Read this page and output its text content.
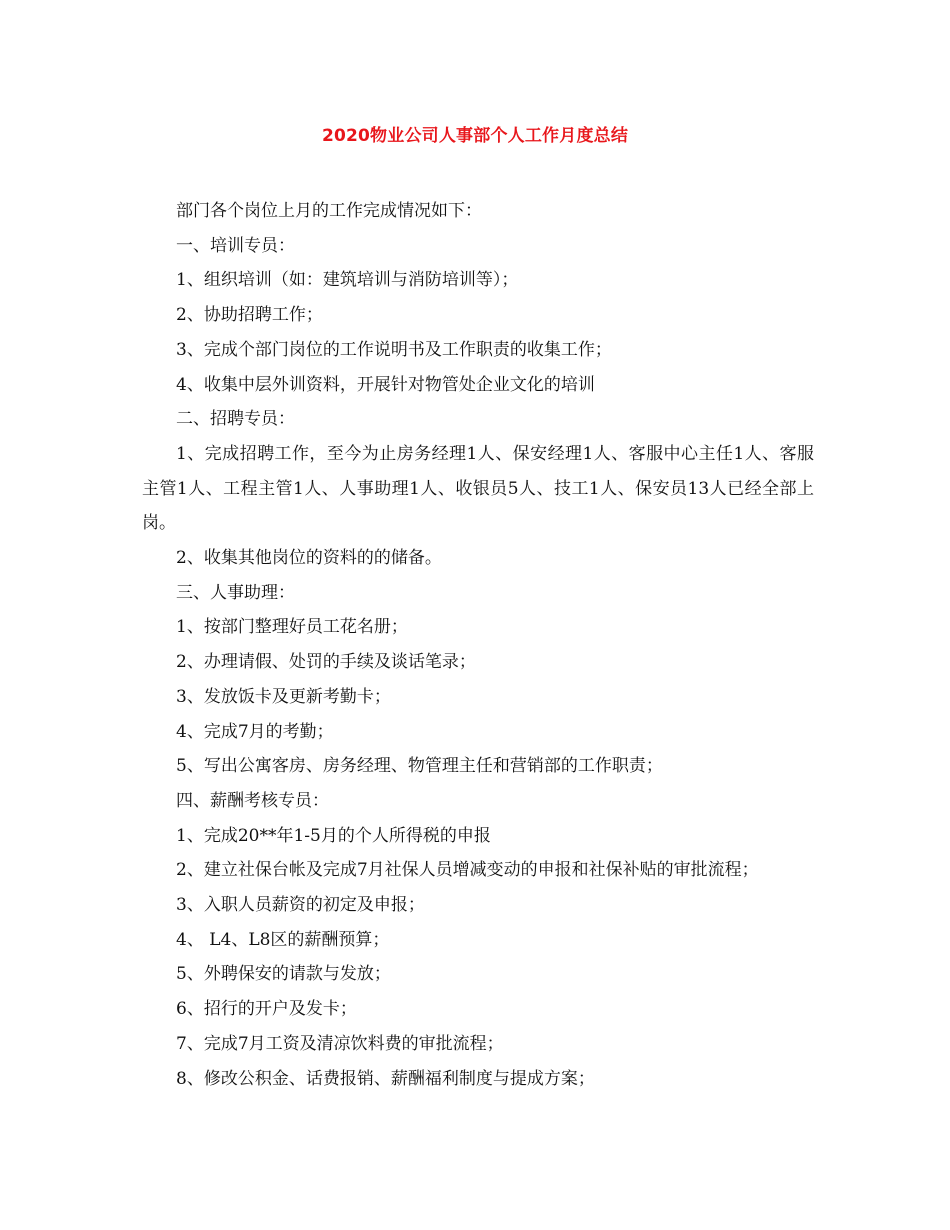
2020物业公司人事部个人工作月度总结

部门各个岗位上月的工作完成情况如下：

一、培训专员：

1、组织培训（如：建筑培训与消防培训等）；

2、协助招聘工作；

3、完成个部门岗位的工作说明书及工作职责的收集工作；

4、收集中层外训资料，开展针对物管处企业文化的培训

二、招聘专员：

1、完成招聘工作，至今为止房务经理1人、保安经理1人、客服中心主任1人、客服主管1人、工程主管1人、人事助理1人、收银员5人、技工1人、保安员13人已经全部上岗。

2、收集其他岗位的资料的的储备。

三、人事助理：

1、按部门整理好员工花名册；

2、办理请假、处罚的手续及谈话笔录；

3、发放饭卡及更新考勤卡；

4、完成7月的考勤；

5、写出公寓客房、房务经理、物管理主任和营销部的工作职责；

四、薪酬考核专员：

1、完成20**年1-5月的个人所得税的申报

2、建立社保台帐及完成7月社保人员增减变动的申报和社保补贴的审批流程；

3、入职人员薪资的初定及申报；

4、 L4、L8区的薪酬预算；

5、外聘保安的请款与发放；

6、招行的开户及发卡；

7、完成7月工资及清凉饮料费的审批流程；

8、修改公积金、话费报销、薪酬福利制度与提成方案；
